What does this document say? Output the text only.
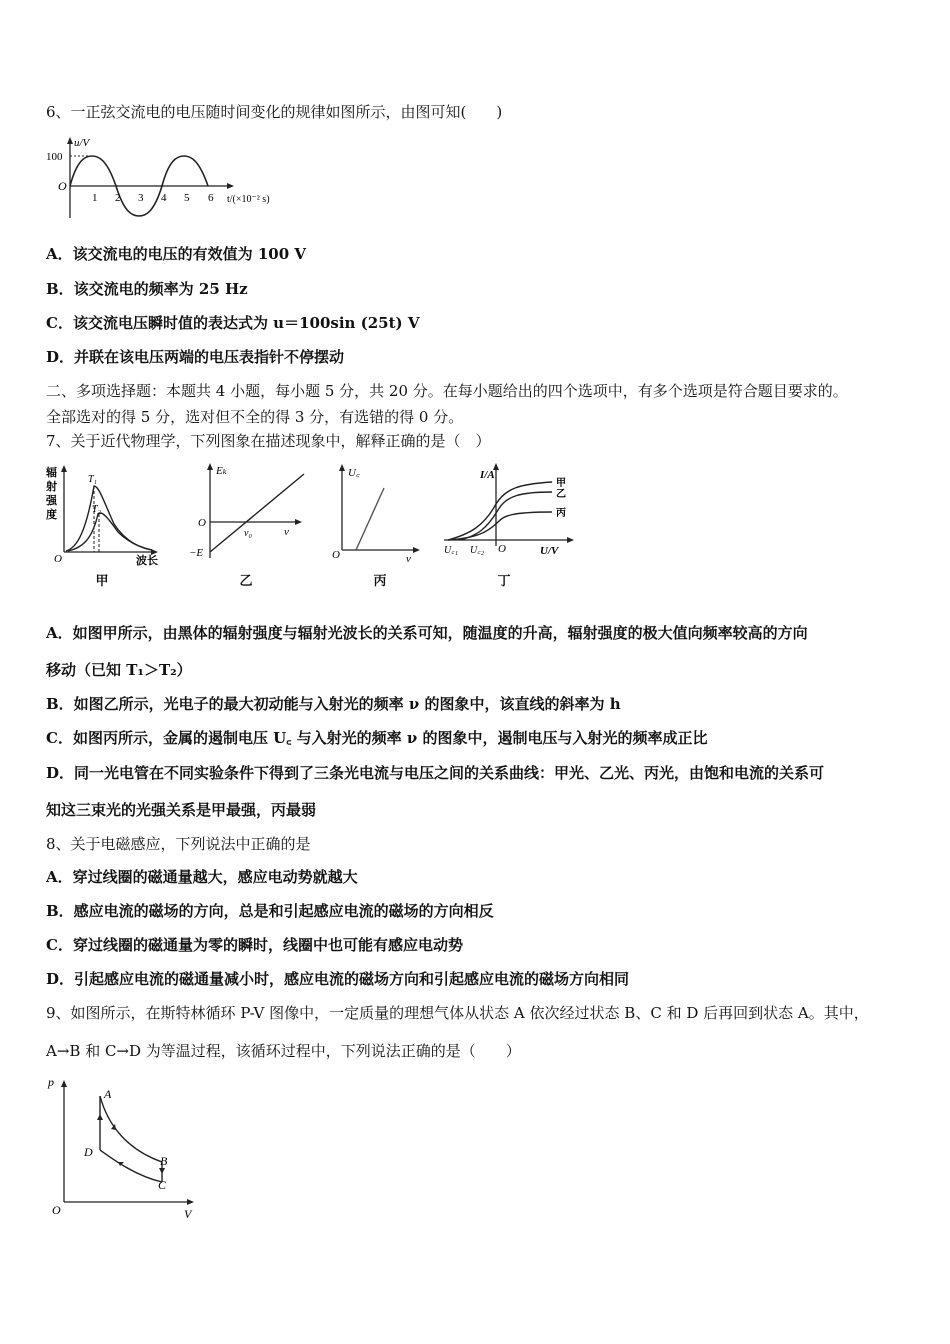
6、一正弦交流电的电压随时间变化的规律如图所示，由图可知(　　)
u/V
100
O
1 2 3 4 5 6 t/(×10⁻² s)
A．该交流电的电压的有效值为 100 V
B．该交流电的频率为 25 Hz
C．该交流电压瞬时值的表达式为 u＝100sin (25t) V
D．并联在该电压两端的电压表指针不停摆动
二、多项选择题：本题共 4 小题，每小题 5 分，共 20 分。在每小题给出的四个选项中，有多个选项是符合题目要求的。
全部选对的得 5 分，选对但不全的得 3 分，有选错的得 0 分。
7、关于近代物理学，下列图象在描述现象中，解释正确的是（　）
辐
射
强
度
T₁
T₂
O	波长
甲
Eₖ
O
ν₀	ν
−E
乙
U꜀
O	ν
丙
I/A
甲
乙
丙
U꜀₁ U꜀₂ O	U/V
丁
A．如图甲所示，由黑体的辐射强度与辐射光波长的关系可知，随温度的升高，辐射强度的极大值向频率较高的方向
移动（已知 T₁＞T₂）
B．如图乙所示，光电子的最大初动能与入射光的频率 ν 的图象中，该直线的斜率为 h
C．如图丙所示，金属的遏制电压 U꜀ 与入射光的频率 ν 的图象中，遏制电压与入射光的频率成正比
D．同一光电管在不同实验条件下得到了三条光电流与电压之间的关系曲线：甲光、乙光、丙光，由饱和电流的关系可
知这三束光的光强关系是甲最强，丙最弱
8、关于电磁感应，下列说法中正确的是
A．穿过线圈的磁通量越大，感应电动势就越大
B．感应电流的磁场的方向，总是和引起感应电流的磁场的方向相反
C．穿过线圈的磁通量为零的瞬时，线圈中也可能有感应电动势
D．引起感应电流的磁通量减小时，感应电流的磁场方向和引起感应电流的磁场方向相同
9、如图所示，在斯特林循环 P-V 图像中，一定质量的理想气体从状态 A 依次经过状态 B、C 和 D 后再回到状态 A。其中，
A→B 和 C→D 为等温过程，该循环过程中，下列说法正确的是（　　）
p
V
O
A
B
C
D
